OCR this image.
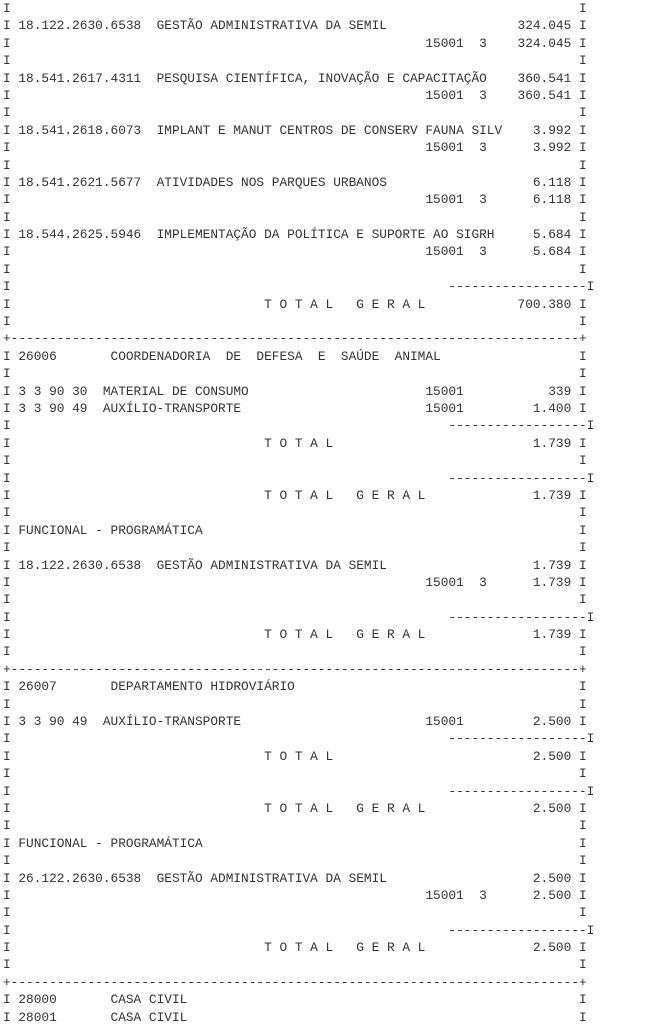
I                                                                          I
I 18.122.2630.6538  GESTÃO ADMINISTRATIVA DA SEMIL                 324.045 I
I                                                      15001  3    324.045 I
I                                                                          I
I 18.541.2617.4311  PESQUISA CIENTÍFICA, INOVAÇÃO E CAPACITAÇÃO    360.541 I
I                                                      15001  3    360.541 I
I                                                                          I
I 18.541.2618.6073  IMPLANT E MANUT CENTROS DE CONSERV FAUNA SILV    3.992 I
I                                                      15001  3      3.992 I
I                                                                          I
I 18.541.2621.5677  ATIVIDADES NOS PARQUES URBANOS                   6.118 I
I                                                      15001  3      6.118 I
I                                                                          I
I 18.544.2625.5946  IMPLEMENTAÇÃO DA POLÍTICA E SUPORTE AO SIGRH     5.684 I
I                                                      15001  3      5.684 I
I                                                                          I
I                                                         ------------------I
I                                 T O T A L   G E R A L            700.380 I
I                                                                          I
+--------------------------------------------------------------------------+
I 26006       COORDENADORIA  DE  DEFESA  E  SAÚDE  ANIMAL                  I
I                                                                          I
I 3 3 90 30  MATERIAL DE CONSUMO                       15001           339 I
I 3 3 90 49  AUXÍLIO-TRANSPORTE                        15001         1.400 I
I                                                         ------------------I
I                                 T O T A L                          1.739 I
I                                                                          I
I                                                         ------------------I
I                                 T O T A L   G E R A L              1.739 I
I                                                                          I
I FUNCIONAL - PROGRAMÁTICA                                                 I
I                                                                          I
I 18.122.2630.6538  GESTÃO ADMINISTRATIVA DA SEMIL                   1.739 I
I                                                      15001  3      1.739 I
I                                                                          I
I                                                         ------------------I
I                                 T O T A L   G E R A L              1.739 I
I                                                                          I
+--------------------------------------------------------------------------+
I 26007       DEPARTAMENTO HIDROVIÁRIO                                     I
I                                                                          I
I 3 3 90 49  AUXÍLIO-TRANSPORTE                        15001         2.500 I
I                                                         ------------------I
I                                 T O T A L                          2.500 I
I                                                                          I
I                                                         ------------------I
I                                 T O T A L   G E R A L              2.500 I
I                                                                          I
I FUNCIONAL - PROGRAMÁTICA                                                 I
I                                                                          I
I 26.122.2630.6538  GESTÃO ADMINISTRATIVA DA SEMIL                   2.500 I
I                                                      15001  3      2.500 I
I                                                                          I
I                                                         ------------------I
I                                 T O T A L   G E R A L              2.500 I
I                                                                          I
+--------------------------------------------------------------------------+
I 28000       CASA CIVIL                                                   I
I 28001       CASA CIVIL                                                   I
